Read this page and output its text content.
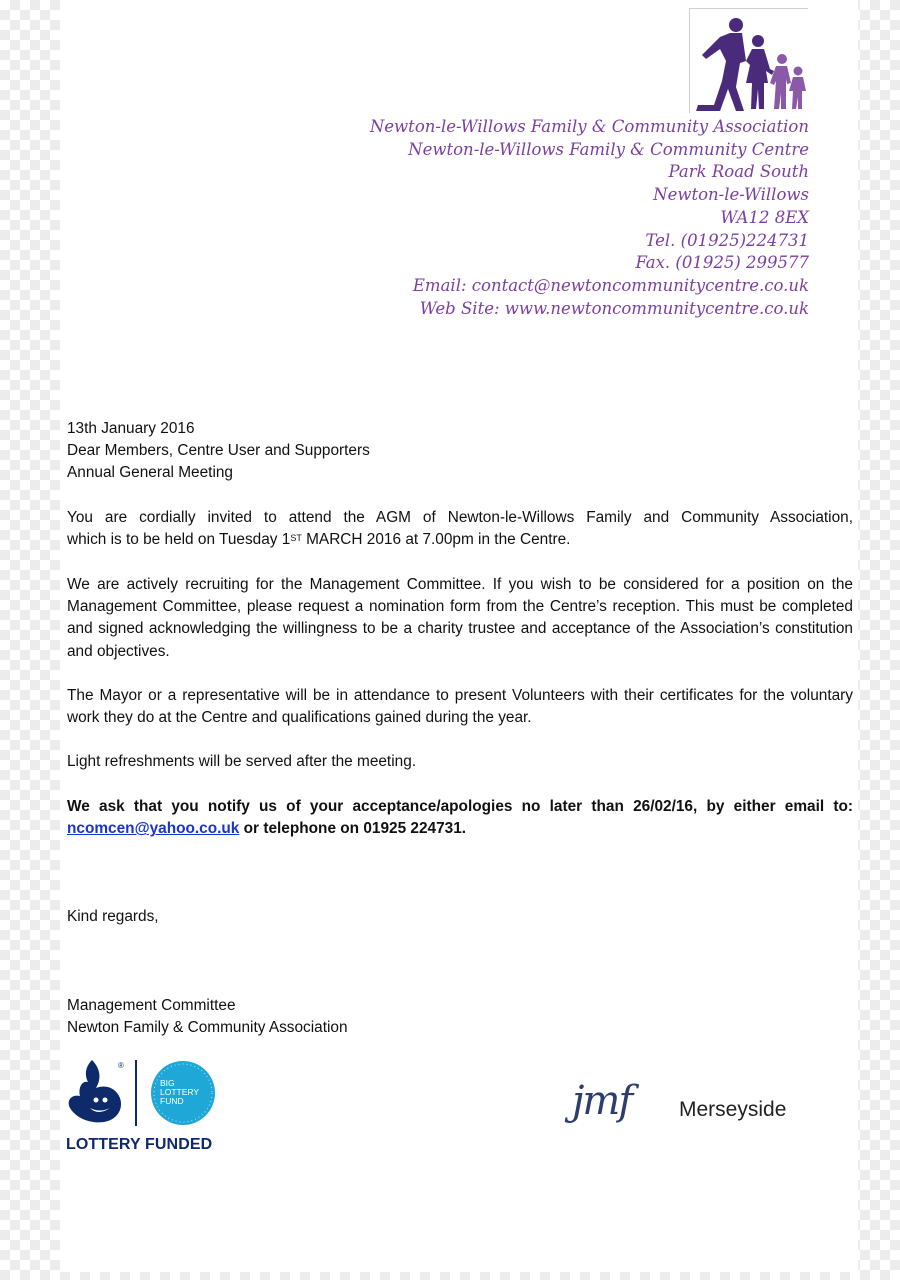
Newton-le-Willows Family & Community Association
Newton-le-Willows Family & Community Centre
Park Road South
Newton-le-Willows
WA12 8EX
Tel. (01925)224731
Fax. (01925) 299577
Email: contact@newtoncommunitycentre.co.uk
Web Site: www.newtoncommunitycentre.co.uk
13th January 2016
Dear Members, Centre User and Supporters
Annual General Meeting
You are cordially invited to attend the AGM of Newton-le-Willows Family and Community Association,
which is to be held on Tuesday 1ST MARCH 2016 at 7.00pm in the Centre.
We are actively recruiting for the Management Committee. If you wish to be considered for a position on the Management Committee, please request a nomination form from the Centre’s reception. This must be completed and signed acknowledging the willingness to be a charity trustee and acceptance of the Association’s constitution and objectives.
The Mayor or a representative will be in attendance to present Volunteers with their certificates for the voluntary work they do at the Centre and qualifications gained during the year.
Light refreshments will be served after the meeting.
We ask that you notify us of your acceptance/apologies no later than 26/02/16, by either email to:
ncomcen@yahoo.co.uk or telephone on 01925 224731.
Kind regards,
Management Committee
Newton Family & Community Association
®
BIG LOTTERY FUND
LOTTERY FUNDED
jmf Merseyside
